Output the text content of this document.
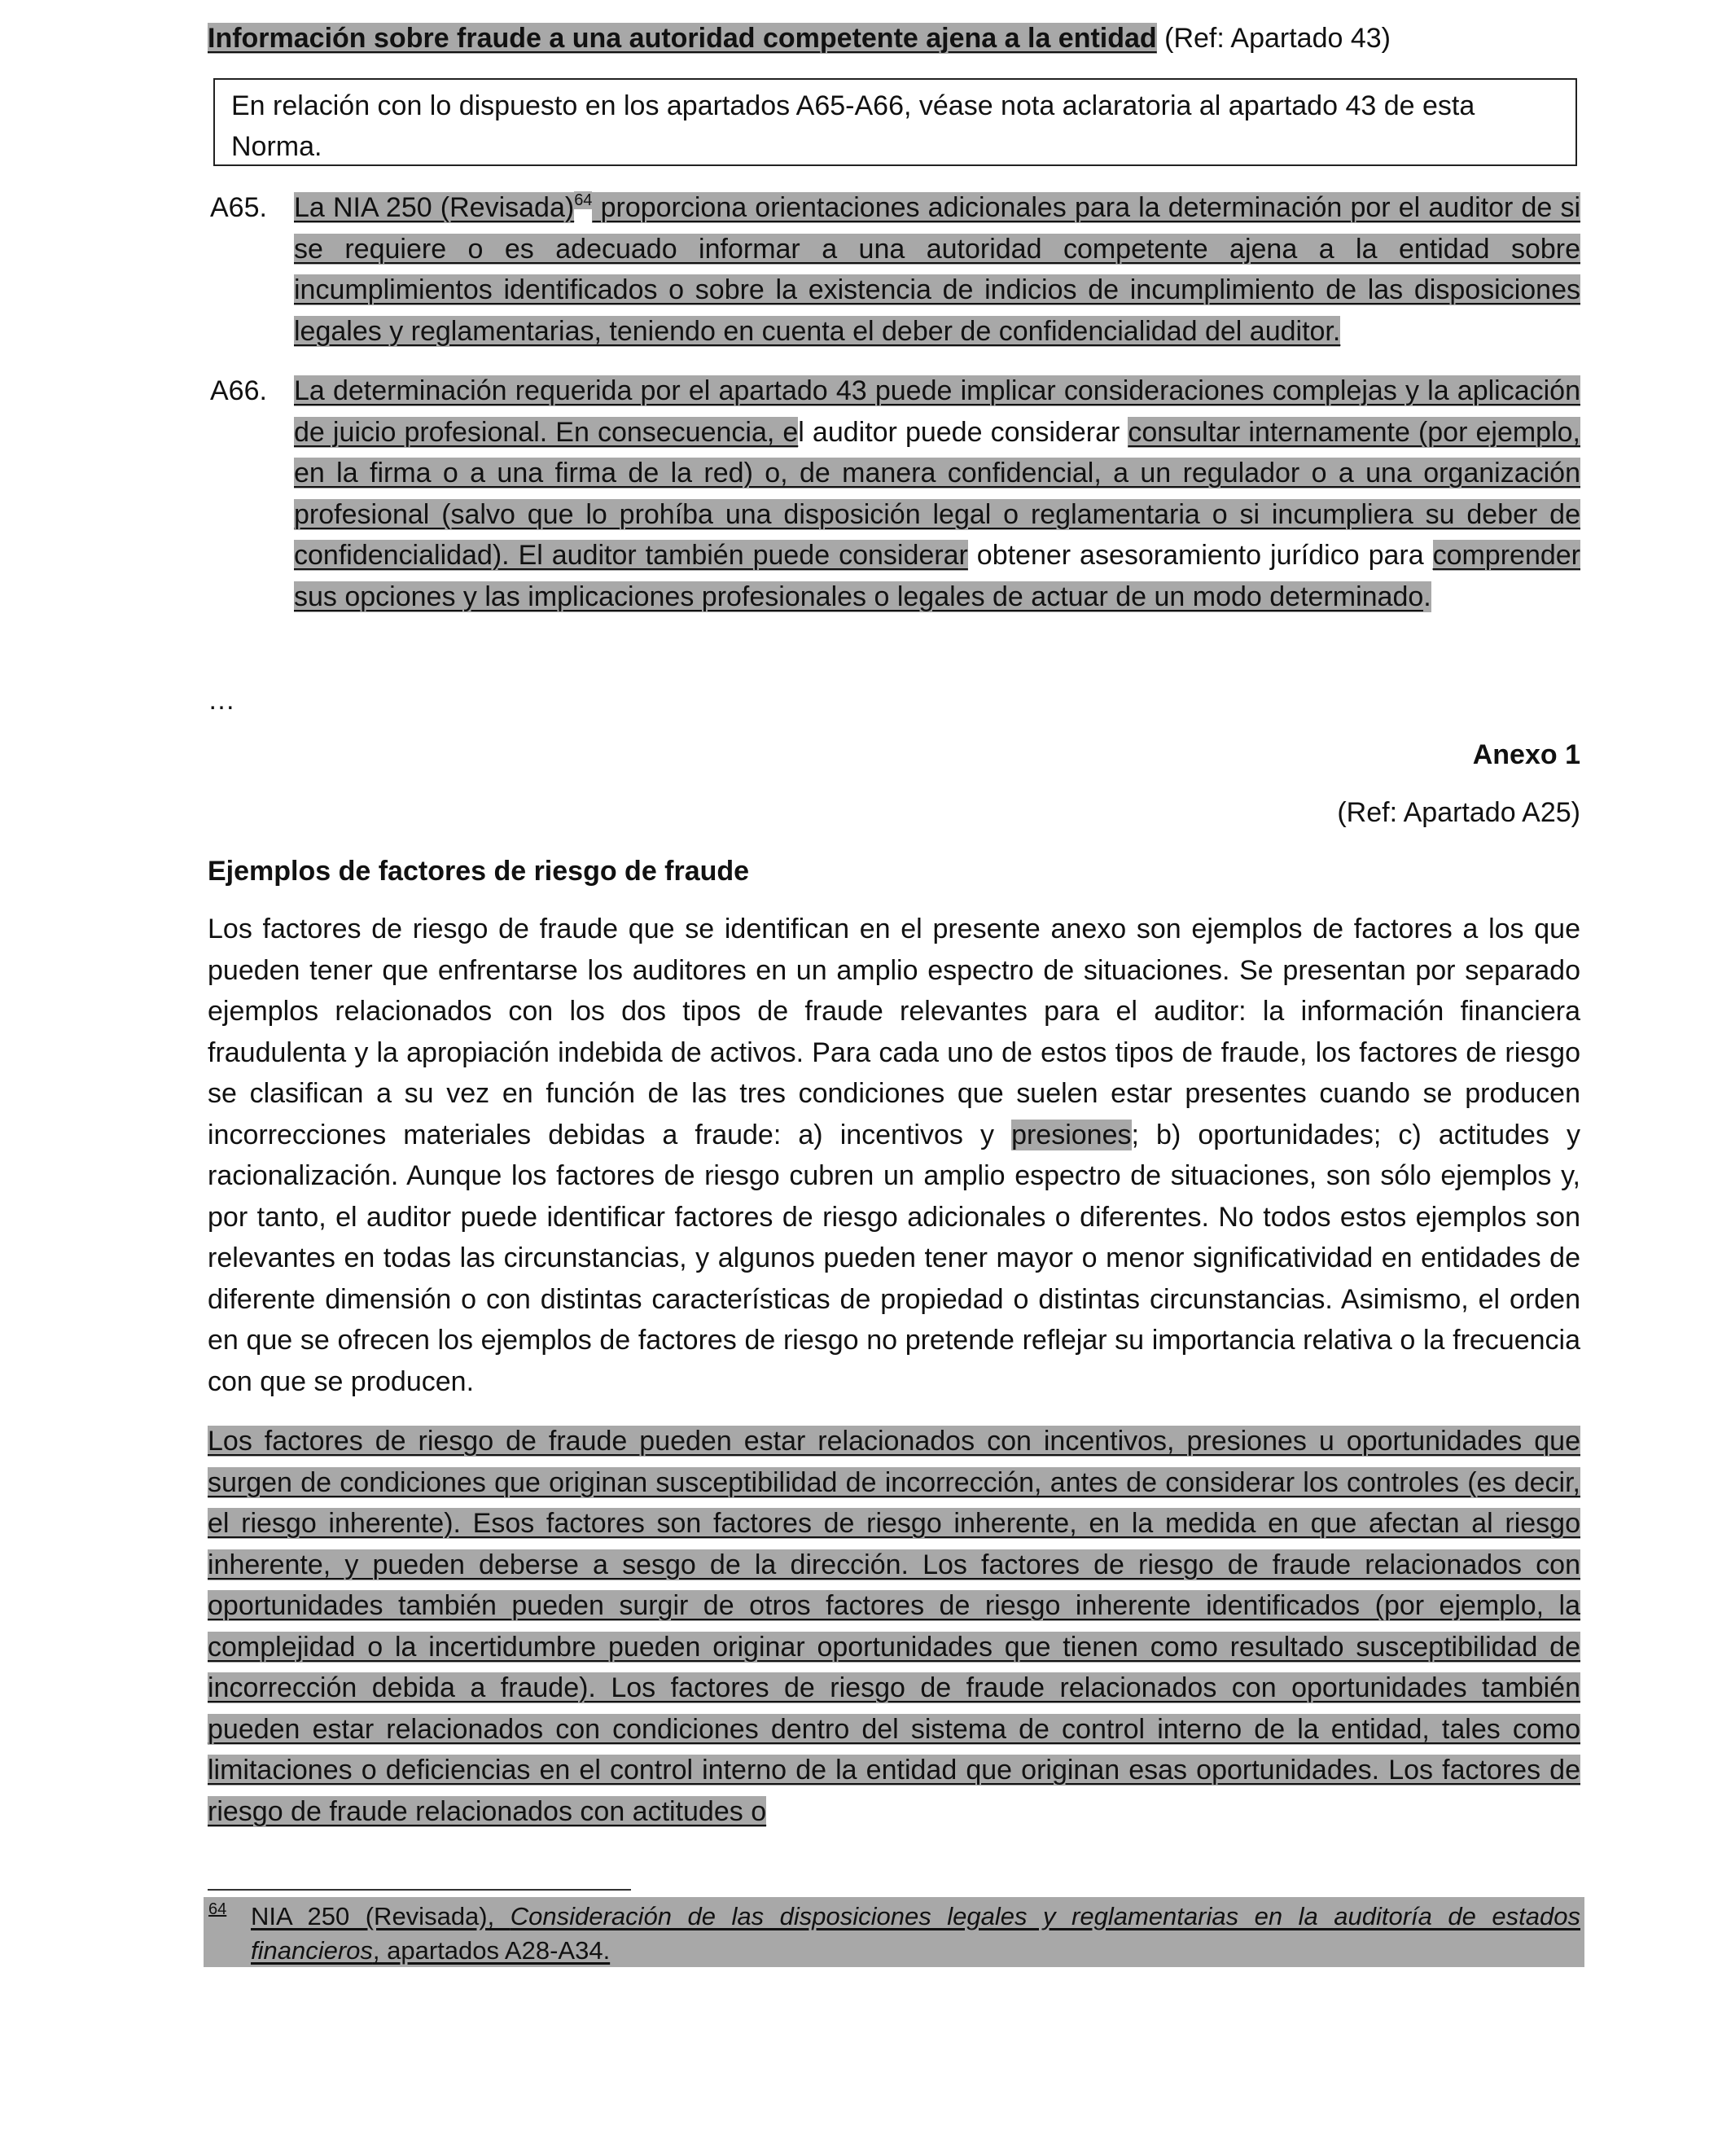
Información sobre fraude a una autoridad competente ajena a la entidad (Ref: Apartado 43)
En relación con lo dispuesto en los apartados A65-A66, véase nota aclaratoria al apartado 43 de esta Norma.
A65. La NIA 250 (Revisada)$^{64}$ proporciona orientaciones adicionales para la determinación por el auditor de si se requiere o es adecuado informar a una autoridad competente ajena a la entidad sobre incumplimientos identificados o sobre la existencia de indicios de incumplimiento de las disposiciones legales y reglamentarias, teniendo en cuenta el deber de confidencialidad del auditor.
A66. La determinación requerida por el apartado 43 puede implicar consideraciones complejas y la aplicación de juicio profesional. En consecuencia, el auditor puede considerar consultar internamente (por ejemplo, en la firma o a una firma de la red) o, de manera confidencial, a un regulador o a una organización profesional (salvo que lo prohíba una disposición legal o reglamentaria o si incumpliera su deber de confidencialidad). El auditor también puede considerar obtener asesoramiento jurídico para comprender sus opciones y las implicaciones profesionales o legales de actuar de un modo determinado.
…
Anexo 1
(Ref: Apartado A25)
Ejemplos de factores de riesgo de fraude
Los factores de riesgo de fraude que se identifican en el presente anexo son ejemplos de factores a los que pueden tener que enfrentarse los auditores en un amplio espectro de situaciones. Se presentan por separado ejemplos relacionados con los dos tipos de fraude relevantes para el auditor: la información financiera fraudulenta y la apropiación indebida de activos. Para cada uno de estos tipos de fraude, los factores de riesgo se clasifican a su vez en función de las tres condiciones que suelen estar presentes cuando se producen incorrecciones materiales debidas a fraude: a) incentivos y presiones; b) oportunidades; c) actitudes y racionalización. Aunque los factores de riesgo cubren un amplio espectro de situaciones, son sólo ejemplos y, por tanto, el auditor puede identificar factores de riesgo adicionales o diferentes. No todos estos ejemplos son relevantes en todas las circunstancias, y algunos pueden tener mayor o menor significatividad en entidades de diferente dimensión o con distintas características de propiedad o distintas circunstancias. Asimismo, el orden en que se ofrecen los ejemplos de factores de riesgo no pretende reflejar su importancia relativa o la frecuencia con que se producen.
Los factores de riesgo de fraude pueden estar relacionados con incentivos, presiones u oportunidades que surgen de condiciones que originan susceptibilidad de incorrección, antes de considerar los controles (es decir, el riesgo inherente). Esos factores son factores de riesgo inherente, en la medida en que afectan al riesgo inherente, y pueden deberse a sesgo de la dirección. Los factores de riesgo de fraude relacionados con oportunidades también pueden surgir de otros factores de riesgo inherente identificados (por ejemplo, la complejidad o la incertidumbre pueden originar oportunidades que tienen como resultado susceptibilidad de incorrección debida a fraude). Los factores de riesgo de fraude relacionados con oportunidades también pueden estar relacionados con condiciones dentro del sistema de control interno de la entidad, tales como limitaciones o deficiencias en el control interno de la entidad que originan esas oportunidades. Los factores de riesgo de fraude relacionados con actitudes o
64 NIA 250 (Revisada), Consideración de las disposiciones legales y reglamentarias en la auditoría de estados financieros, apartados A28-A34.
